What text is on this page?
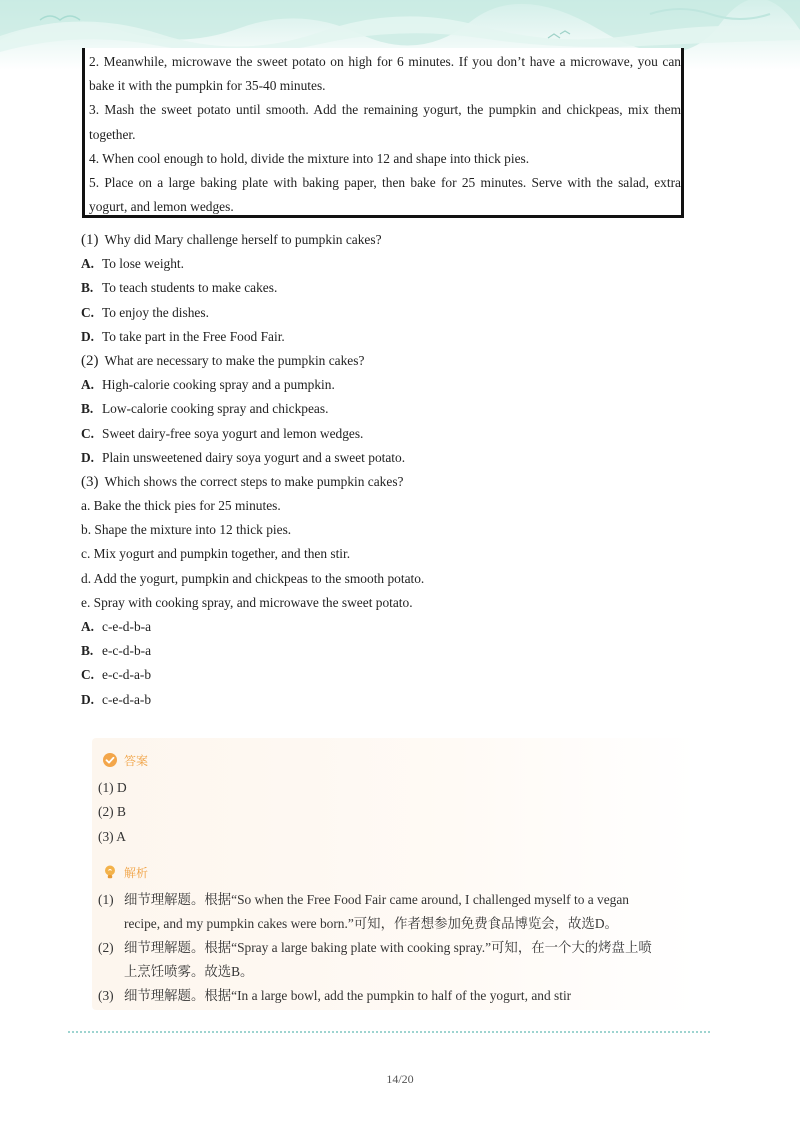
2. Meanwhile, microwave the sweet potato on high for 6 minutes. If you don’t have a microwave, you can

bake it with the pumpkin for 35-40 minutes.

3. Mash the sweet potato until smooth. Add the remaining yogurt, the pumpkin and chickpeas, mix them

together.

4. When cool enough to hold, divide the mixture into 12 and shape into thick pies.

5. Place on a large baking plate with baking paper, then bake for 25 minutes. Serve with the salad, extra

yogurt, and lemon wedges.

(1) Why did Mary challenge herself to pumpkin cakes?
A. To lose weight.
B. To teach students to make cakes.
C. To enjoy the dishes.
D. To take part in the Free Food Fair.
(2) What are necessary to make the pumpkin cakes?
A. High-calorie cooking spray and a pumpkin.
B. Low-calorie cooking spray and chickpeas.
C. Sweet dairy-free soya yogurt and lemon wedges.
D. Plain unsweetened dairy soya yogurt and a sweet potato.
(3) Which shows the correct steps to make pumpkin cakes?
a. Bake the thick pies for 25 minutes.
b. Shape the mixture into 12 thick pies.
c. Mix yogurt and pumpkin together, and then stir.
d. Add the yogurt, pumpkin and chickpeas to the smooth potato.
e. Spray with cooking spray, and microwave the sweet potato.
A. c-e-d-b-a
B. e-c-d-b-a
C. e-c-d-a-b
D. c-e-d-a-b
答案
(1) D
(2) B
(3) A
解析
(1) 细节理解题。根据“So when the Free Food Fair came around, I challenged myself to a vegan
recipe, and my pumpkin cakes were born.”可知，作者想参加免费食品博览会，故选D。
(2) 细节理解题。根据“Spray a large baking plate with cooking spray.”可知，在一个大的烤盘上喷
上烹饪喷雾。故选B。
(3) 细节理解题。根据“In a large bowl, add the pumpkin to half of the yogurt, and stir
14/20
